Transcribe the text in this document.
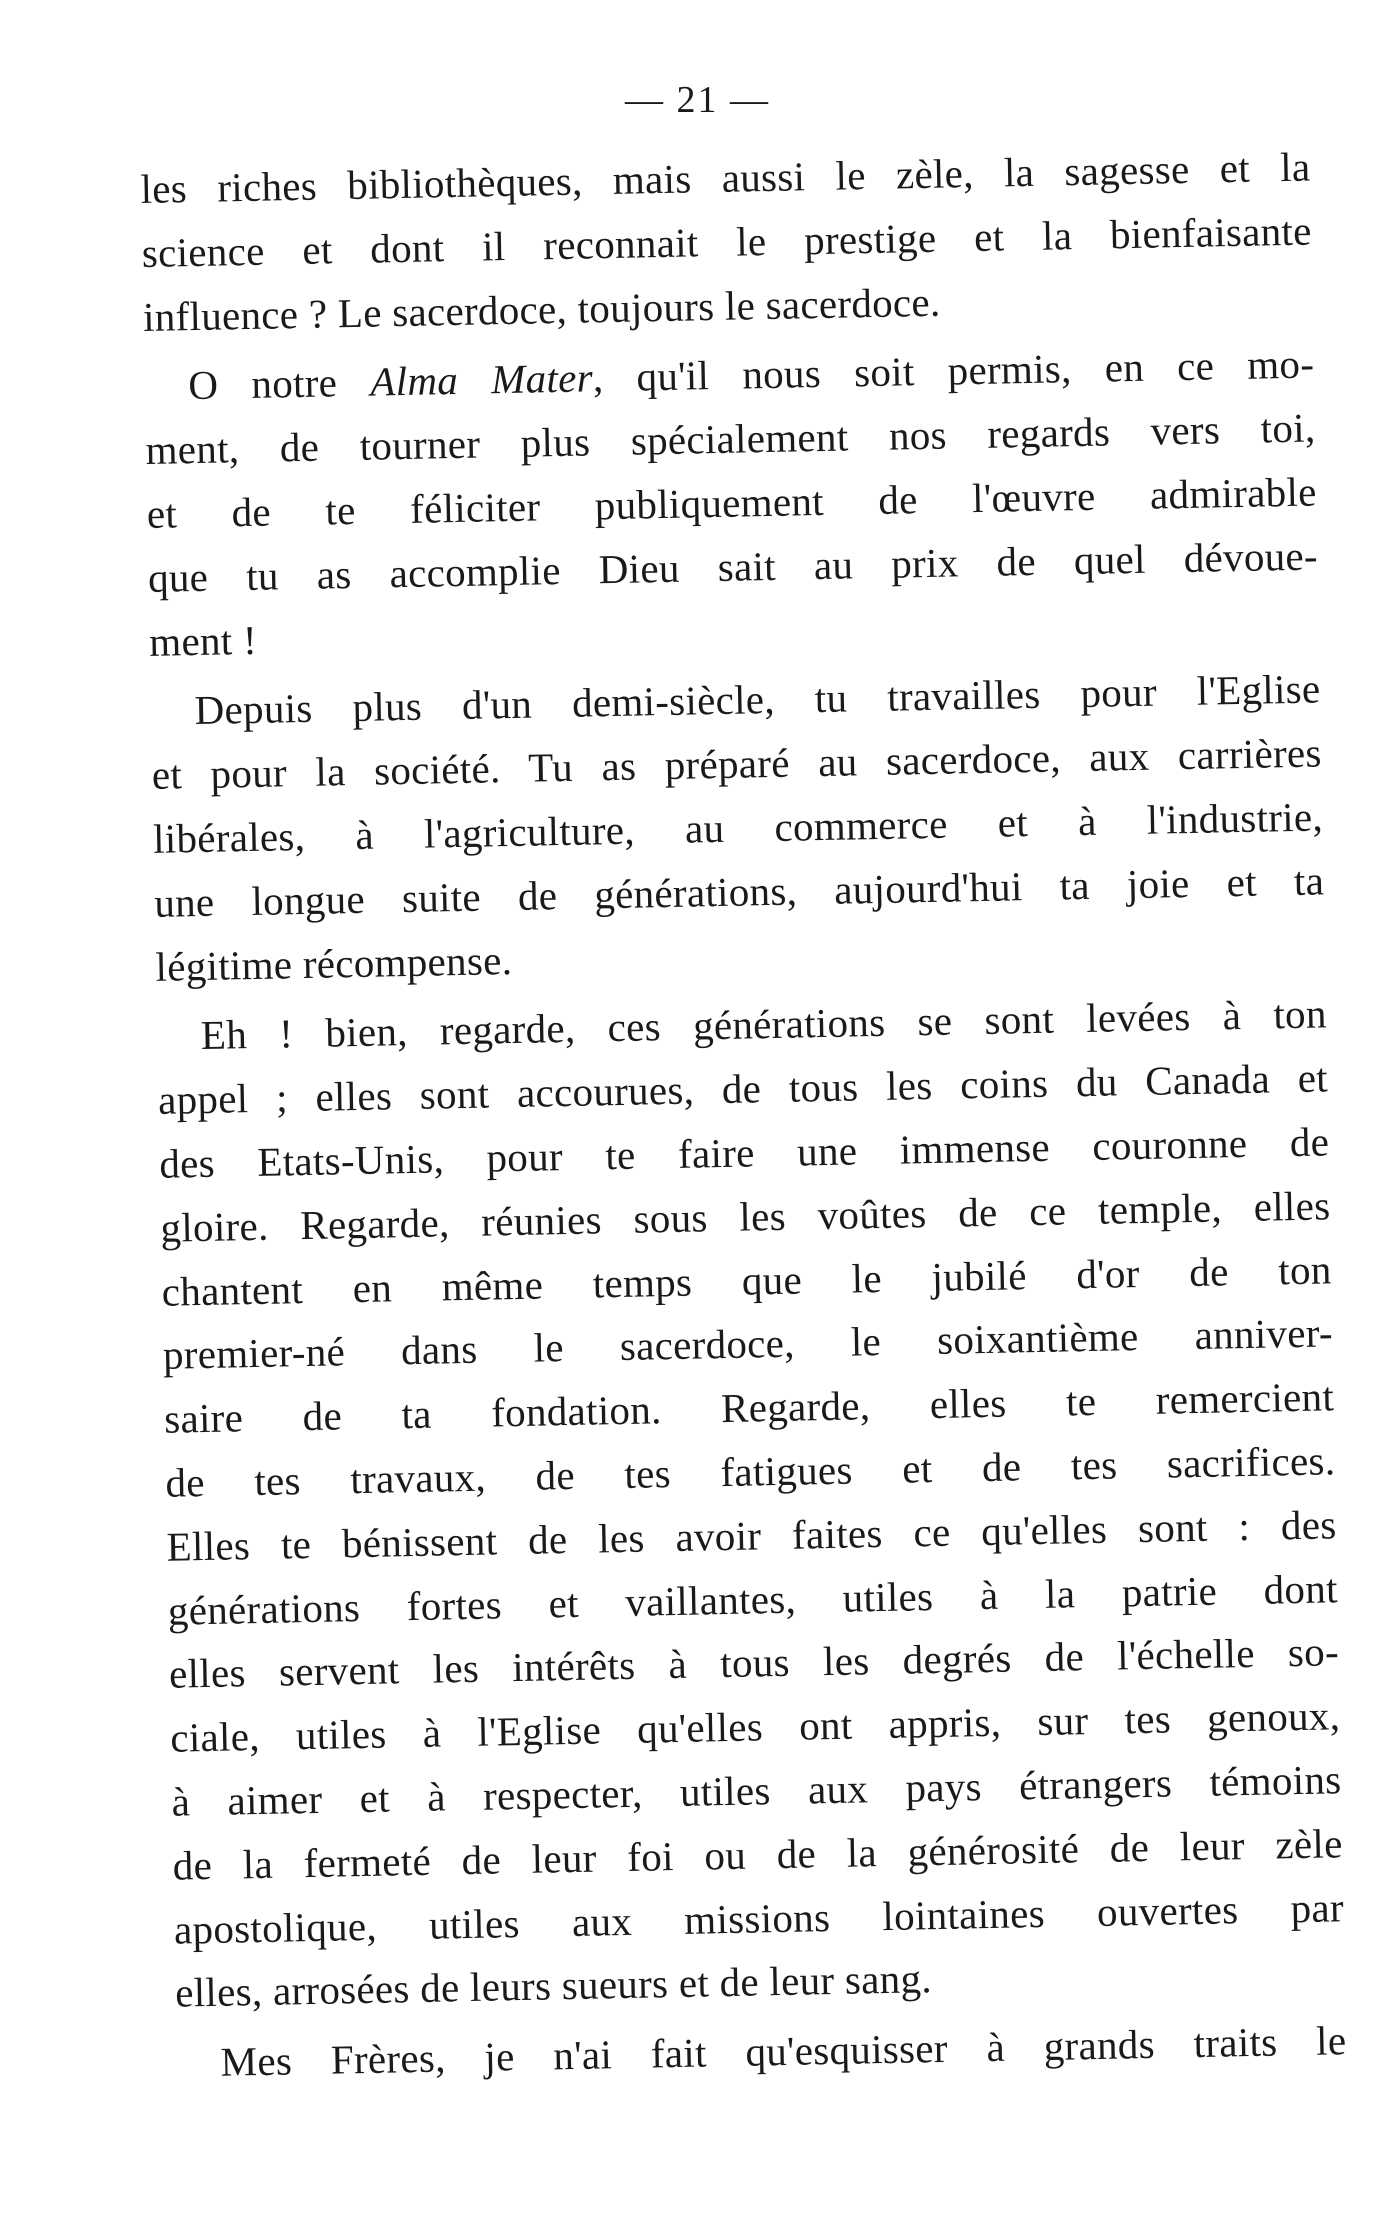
— 21 —

les riches bibliothèques, mais aussi le zèle, la sagesse et la
science et dont il reconnait le prestige et la bienfaisante
influence ? Le sacerdoce, toujours le sacerdoce.
O notre Alma Mater, qu'il nous soit permis, en ce mo-
ment, de tourner plus spécialement nos regards vers toi,
et de te féliciter publiquement de l'œuvre admirable
que tu as accomplie Dieu sait au prix de quel dévoue-
ment !
Depuis plus d'un demi-siècle, tu travailles pour l'Eglise
et pour la société. Tu as préparé au sacerdoce, aux carrières
libérales, à l'agriculture, au commerce et à l'industrie,
une longue suite de générations, aujourd'hui ta joie et ta
légitime récompense.
Eh ! bien, regarde, ces générations se sont levées à ton
appel ; elles sont accourues, de tous les coins du Canada et
des Etats-Unis, pour te faire une immense couronne de
gloire. Regarde, réunies sous les voûtes de ce temple, elles
chantent en même temps que le jubilé d'or de ton
premier-né dans le sacerdoce, le soixantième anniver-
saire de ta fondation. Regarde, elles te remercient
de tes travaux, de tes fatigues et de tes sacrifices.
Elles te bénissent de les avoir faites ce qu'elles sont : des
générations fortes et vaillantes, utiles à la patrie dont
elles servent les intérêts à tous les degrés de l'échelle so-
ciale, utiles à l'Eglise qu'elles ont appris, sur tes genoux,
à aimer et à respecter, utiles aux pays étrangers témoins
de la fermeté de leur foi ou de la générosité de leur zèle
apostolique, utiles aux missions lointaines ouvertes par
elles, arrosées de leurs sueurs et de leur sang.
Mes Frères, je n'ai fait qu'esquisser à grands traits le
